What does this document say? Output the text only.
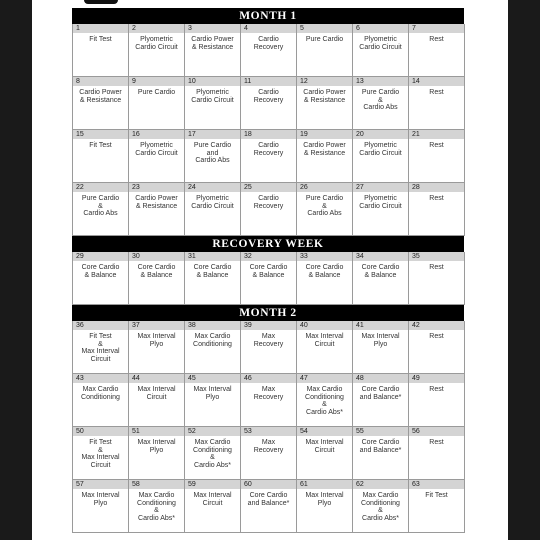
MONTH 1
1
Fit Test
2
Plyometric
Cardio Circuit
3
Cardio Power
& Resistance
4
Cardio
Recovery
5
Pure Cardio
6
Plyometric
Cardio Circuit
7
Rest
8
Cardio Power
& Resistance
9
Pure Cardio
10
Plyometric
Cardio Circuit
11
Cardio
Recovery
12
Cardio Power
& Resistance
13
Pure Cardio
&
Cardio Abs
14
Rest
15
Fit Test
16
Plyometric
Cardio Circuit
17
Pure Cardio
and
Cardio Abs
18
Cardio
Recovery
19
Cardio Power
& Resistance
20
Plyometric
Cardio Circuit
21
Rest
22
Pure Cardio
&
Cardio Abs
23
Cardio Power
& Resistance
24
Plyometric
Cardio Circuit
25
Cardio
Recovery
26
Pure Cardio
&
Cardio Abs
27
Plyometric
Cardio Circuit
28
Rest
RECOVERY WEEK
29
Core Cardio
& Balance
30
Core Cardio
& Balance
31
Core Cardio
& Balance
32
Core Cardio
& Balance
33
Core Cardio
& Balance
34
Core Cardio
& Balance
35
Rest
MONTH 2
36
Fit Test
&
Max Interval
Circuit
37
Max Interval
Plyo
38
Max Cardio
Conditioning
39
Max
Recovery
40
Max Interval
Circuit
41
Max Interval
Plyo
42
Rest
43
Max Cardio
Conditioning
44
Max Interval
Circuit
45
Max Interval
Plyo
46
Max
Recovery
47
Max Cardio
Conditioning
&
Cardio Abs*
48
Core Cardio
and Balance*
49
Rest
50
Fit Test
&
Max Interval
Circuit
51
Max Interval
Plyo
52
Max Cardio
Conditioning
&
Cardio Abs*
53
Max
Recovery
54
Max Interval
Circuit
55
Core Cardio
and Balance*
56
Rest
57
Max Interval
Plyo
58
Max Cardio
Conditioning
&
Cardio Abs*
59
Max Interval
Circuit
60
Core Cardio
and Balance*
61
Max Interval
Plyo
62
Max Cardio
Conditioning
&
Cardio Abs*
63
Fit Test
